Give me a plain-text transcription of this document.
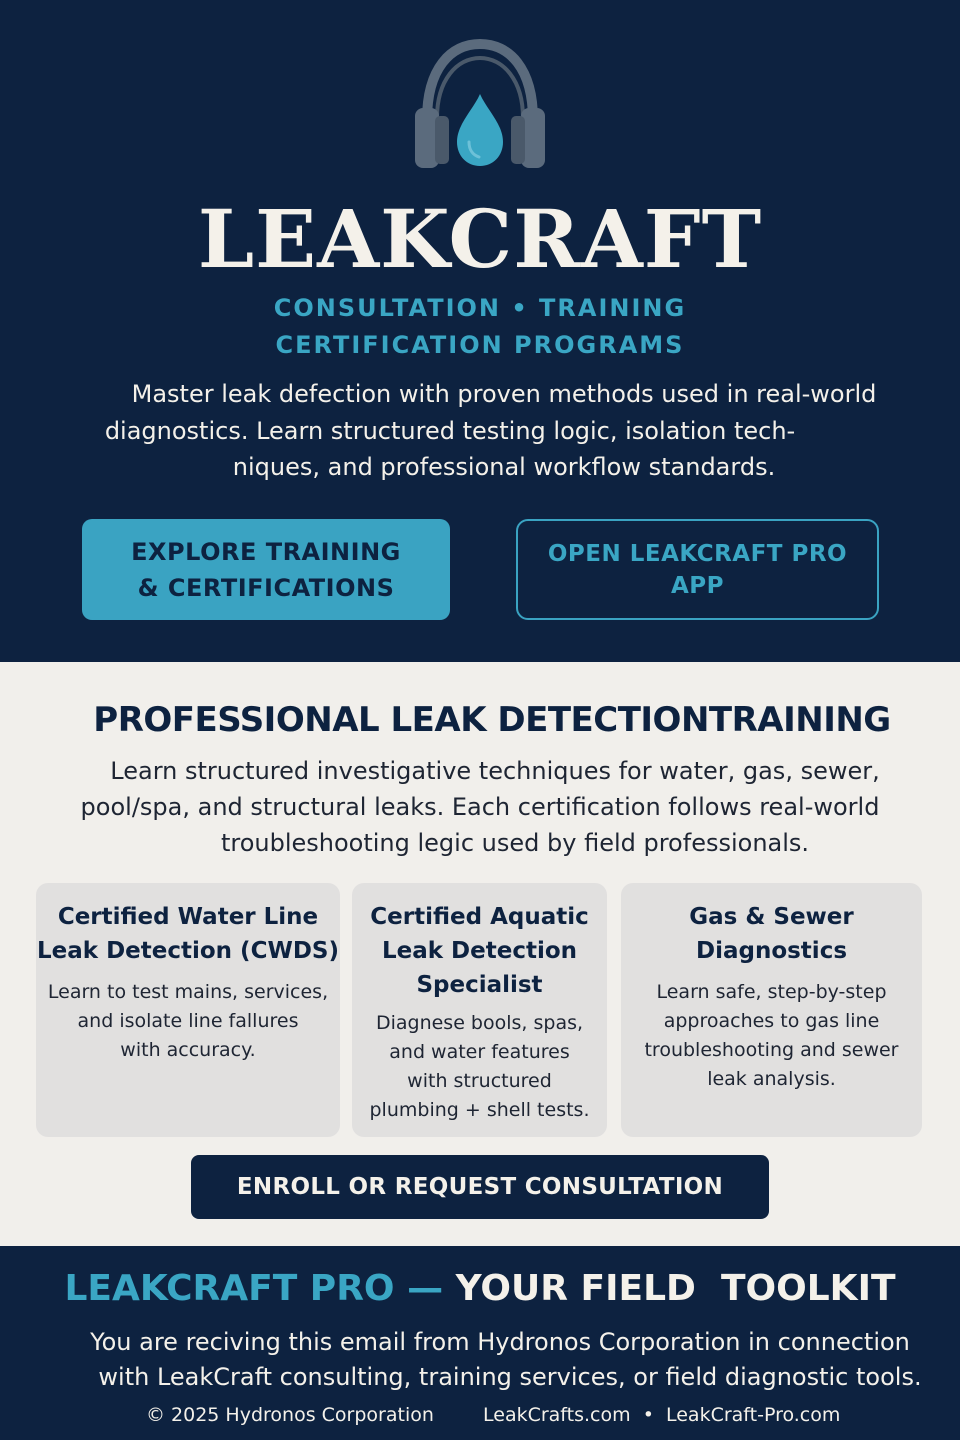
LEAKCRAFT
CONSULTATION • TRAINING
CERTIFICATION PROGRAMS
Master leak defection with proven methods used in real-world
diagnostics. Learn structured testing logic, isolation tech-
niques, and professional workflow standards.
EXPLORE TRAINING
& CERTIFICATIONS
OPEN LEAKCRAFT PRO
APP
PROFESSIONAL LEAK DETECTIONTRAINING
Learn structured investigative techniques for water, gas, sewer,
pool/spa, and structural leaks. Each certification follows real-world
troubleshooting legic used by field professionals.
Certified Water Line
Leak Detection (CWDS)
Learn to test mains, services,
and isolate line fallures
with accuracy.
Certified Aquatic
Leak Detection
Specialist
Diagnese bools, spas,
and water features
with structured
plumbing + shell tests.
Gas & Sewer
Diagnostics
Learn safe, step-by-step
approaches to gas line
troubleshooting and sewer
leak analysis.
ENROLL OR REQUEST CONSULTATION
LEAKCRAFT PRO — YOUR FIELD  TOOLKIT
You are reciving this email from Hydronos Corporation in connection
with LeakCraft consulting, training services, or field diagnostic tools.
© 2025 Hydronos Corporation	LeakCrafts.com  •  LeakCraft-Pro.com
